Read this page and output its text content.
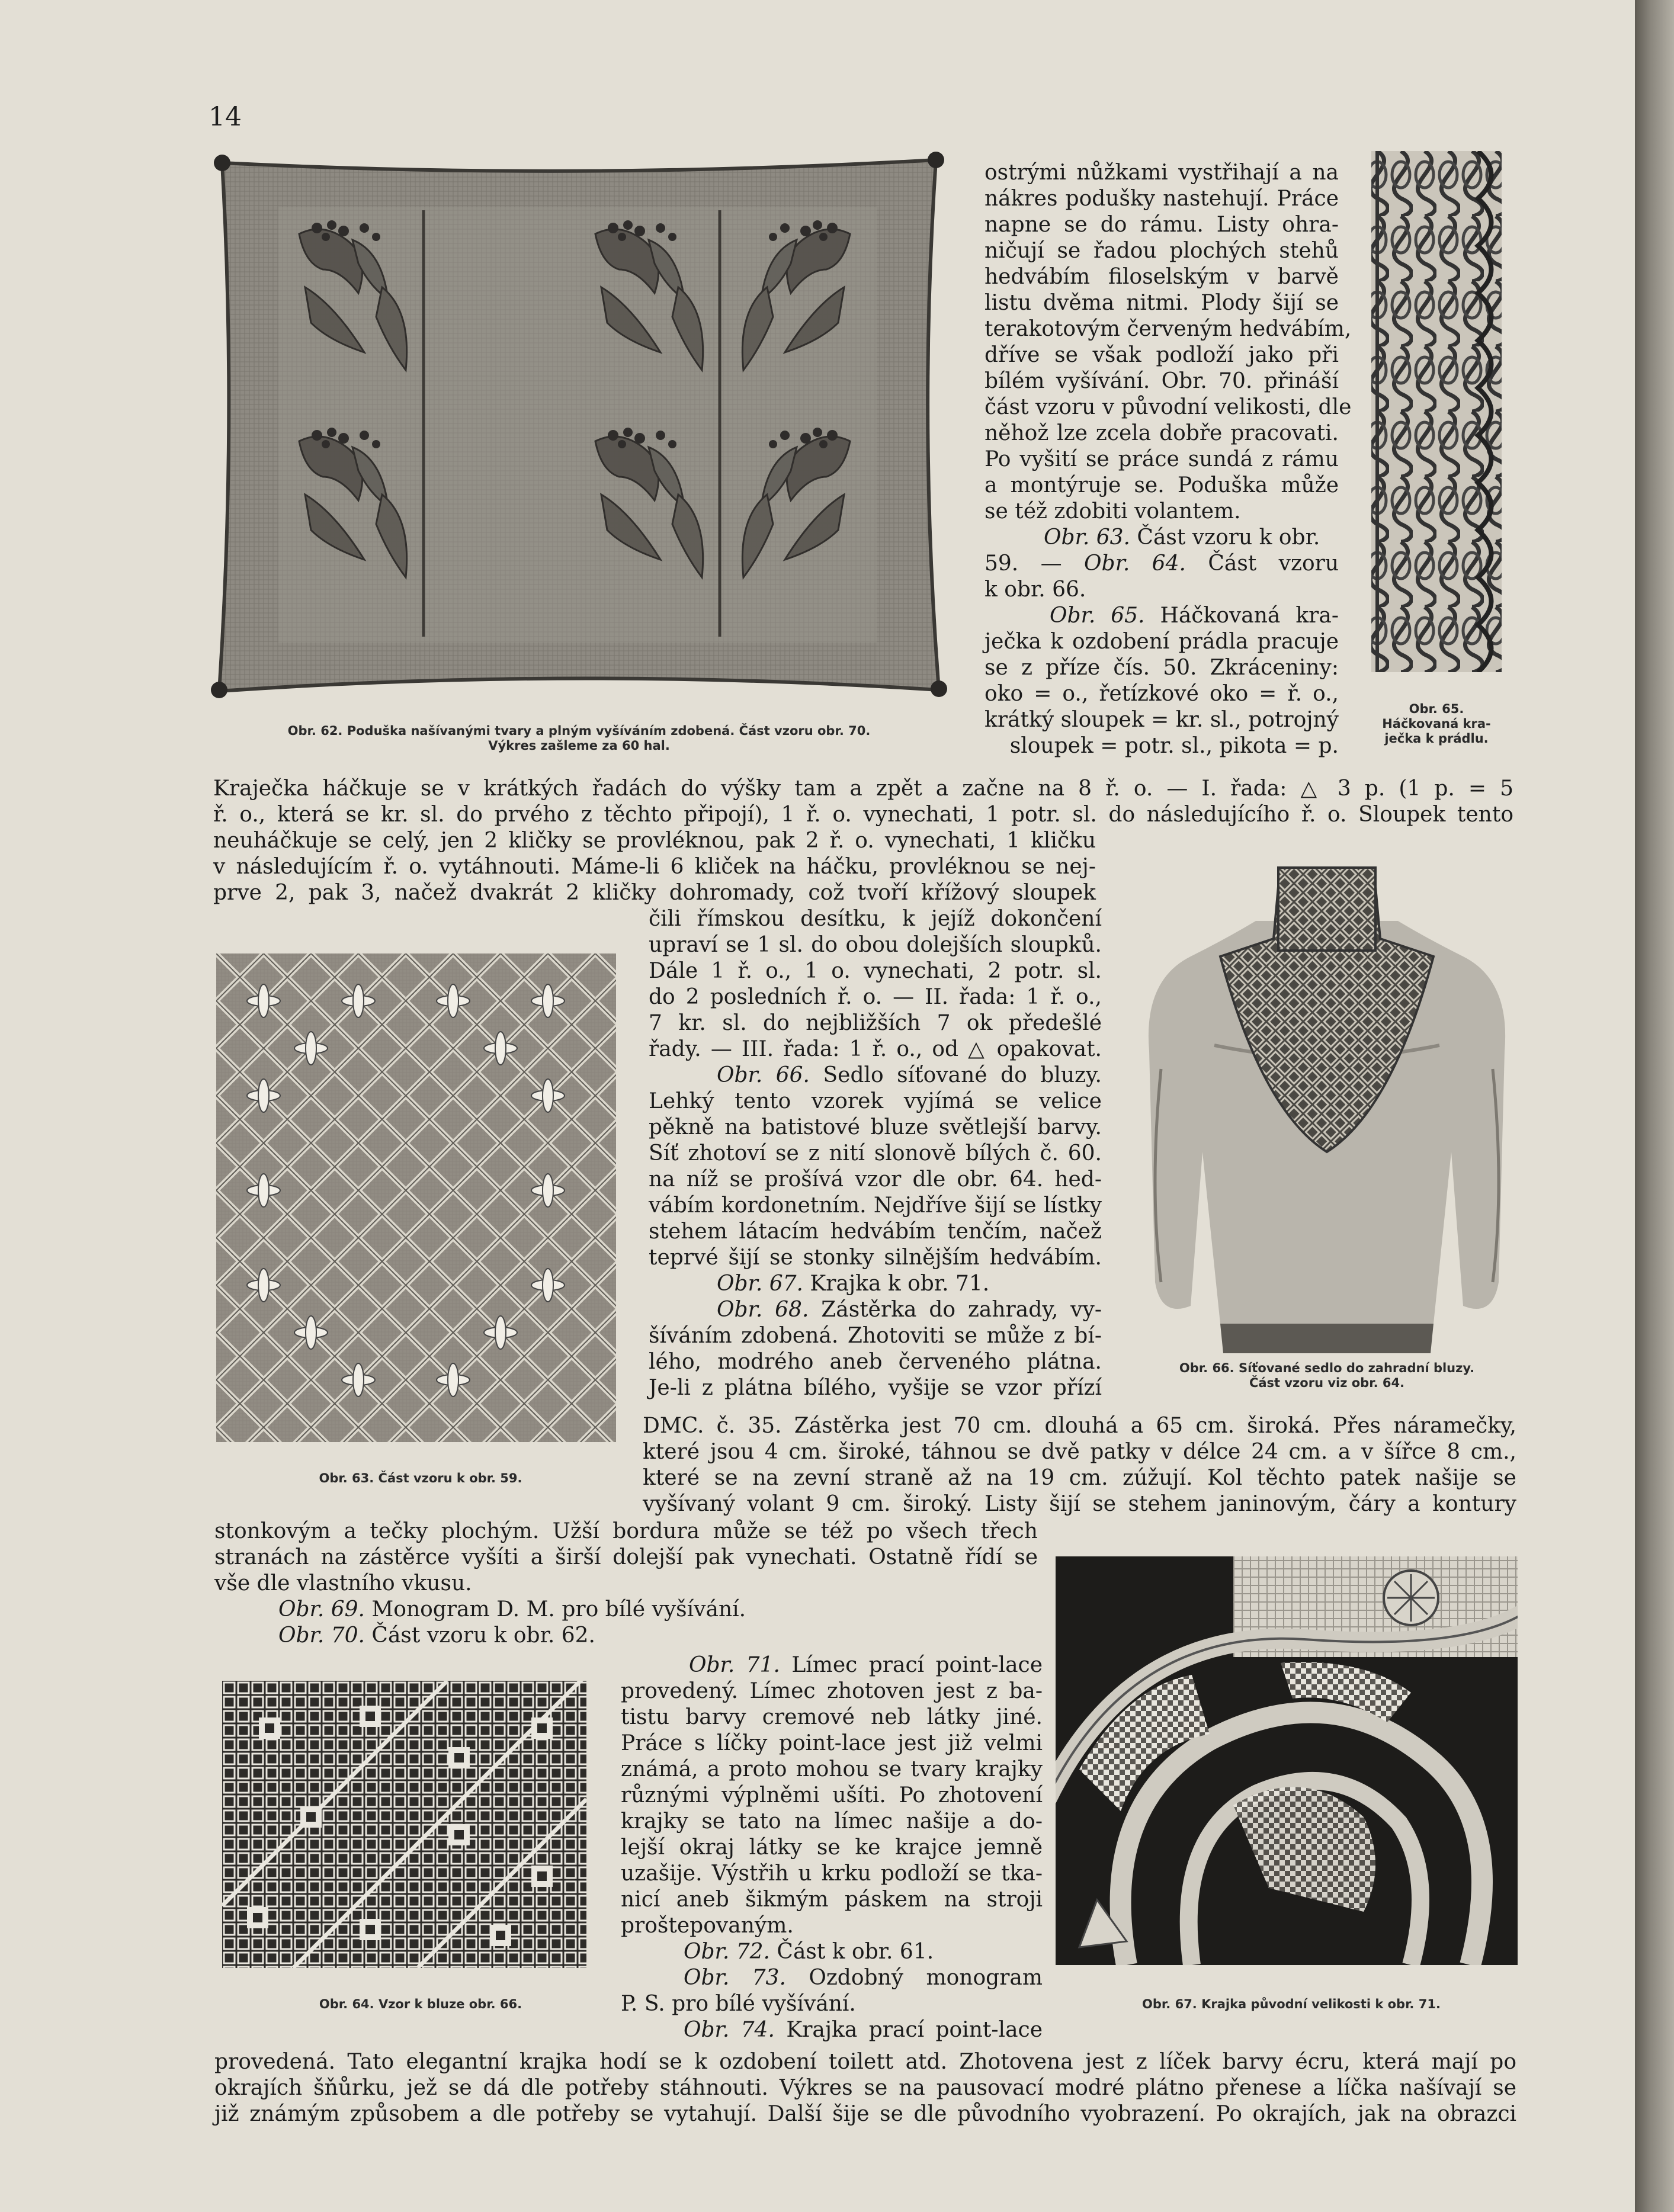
14
Obr. 62. Poduška našívanými tvary a plným vyšíváním zdobená. Část vzoru obr. 70.
Výkres zašleme za 60 hal.
ostrými nůžkami vystřihají a na
nákres podušky nastehují. Práce
napne se do rámu. Listy ohra-
ničují se řadou plochých stehů
hedvábím filoselským v barvě
listu dvěma nitmi. Plody šijí se
terakotovým červeným hedvábím,
dříve se však podloží jako při
bílém vyšívání. Obr. 70. přináší
část vzoru v původní velikosti, dle
něhož lze zcela dobře pracovati.
Po vyšití se práce sundá z rámu
a montýruje se. Poduška může
se též zdobiti volantem.
Obr. 63. Část vzoru k obr.
59. — Obr. 64. Část vzoru
k obr. 66.
Obr. 65. Háčkovaná kra-
ječka k ozdobení prádla pracuje
se z příze čís. 50. Zkráceniny:
oko = o., řetízkové oko = ř. o.,
krátký sloupek = kr. sl., potrojný
sloupek = potr. sl., pikota = p.
Obr. 65.
Háčkovaná kra-
ječka k prádlu.
Kraječka háčkuje se v krátkých řadách do výšky tam a zpět a začne na 8 ř. o. — I. řada: △ 3 p. (1 p. = 5
ř. o., která se kr. sl. do prvého z těchto připojí), 1 ř. o. vynechati, 1 potr. sl. do následujícího ř. o. Sloupek tento
neuháčkuje se celý, jen 2 kličky se provléknou, pak 2 ř. o. vynechati, 1 kličku
v následujícím ř. o. vytáhnouti. Máme-li 6 kliček na háčku, provléknou se nej-
prve 2, pak 3, načež dvakrát 2 kličky dohromady, což tvoří křížový sloupek
Obr. 63. Část vzoru k obr. 59.
čili římskou desítku, k jejíž dokončení
upraví se 1 sl. do obou dolejších sloupků.
Dále 1 ř. o., 1 o. vynechati, 2 potr. sl.
do 2 posledních ř. o. — II. řada: 1 ř. o.,
7 kr. sl. do nejbližších 7 ok předešlé
řady. — III. řada: 1 ř. o., od △ opakovat.
Obr. 66. Sedlo síťované do bluzy.
Lehký tento vzorek vyjímá se velice
pěkně na batistové bluze světlejší barvy.
Síť zhotoví se z nití slonově bílých č. 60.
na níž se prošívá vzor dle obr. 64. hed-
vábím kordonetním. Nejdříve šijí se lístky
stehem látacím hedvábím tenčím, načež
teprvé šijí se stonky silnějším hedvábím.
Obr. 67. Krajka k obr. 71.
Obr. 68. Zástěrka do zahrady, vy-
šíváním zdobená. Zhotoviti se může z bí-
lého, modrého aneb červeného plátna.
Je-li z plátna bílého, vyšije se vzor přízí
Obr. 66. Síťované sedlo do zahradní bluzy.
Část vzoru viz obr. 64.
DMC. č. 35. Zástěrka jest 70 cm. dlouhá a 65 cm. široká. Přes náramečky,
které jsou 4 cm. široké, táhnou se dvě patky v délce 24 cm. a v šířce 8 cm.,
které se na zevní straně až na 19 cm. zúžují. Kol těchto patek našije se
vyšívaný volant 9 cm. široký. Listy šijí se stehem janinovým, čáry a kontury
stonkovým a tečky plochým. Užší bordura může se též po všech třech
stranách na zástěrce vyšíti a širší dolejší pak vynechati. Ostatně řídí se
vše dle vlastního vkusu.
Obr. 69. Monogram D. M. pro bílé vyšívání.
Obr. 70. Část vzoru k obr. 62.
Obr. 64. Vzor k bluze obr. 66.
Obr. 71. Límec prací point-lace
provedený. Límec zhotoven jest z ba-
tistu barvy cremové neb látky jiné.
Práce s líčky point-lace jest již velmi
známá, a proto mohou se tvary krajky
různými výplněmi ušíti. Po zhotovení
krajky se tato na límec našije a do-
lejší okraj látky se ke krajce jemně
uzašije. Výstřih u krku podloží se tka-
nicí aneb šikmým páskem na stroji
proštepovaným.
Obr. 72. Část k obr. 61.
Obr. 73. Ozdobný monogram
P. S. pro bílé vyšívání.
Obr. 74. Krajka prací point-lace
Obr. 67. Krajka původní velikosti k obr. 71.
provedená. Tato elegantní krajka hodí se k ozdobení toilett atd. Zhotovena jest z líček barvy écru, která mají po
okrajích šňůrku, jež se dá dle potřeby stáhnouti. Výkres se na pausovací modré plátno přenese a líčka našívají se
již známým způsobem a dle potřeby se vytahují. Další šije se dle původního vyobrazení. Po okrajích, jak na obrazci
